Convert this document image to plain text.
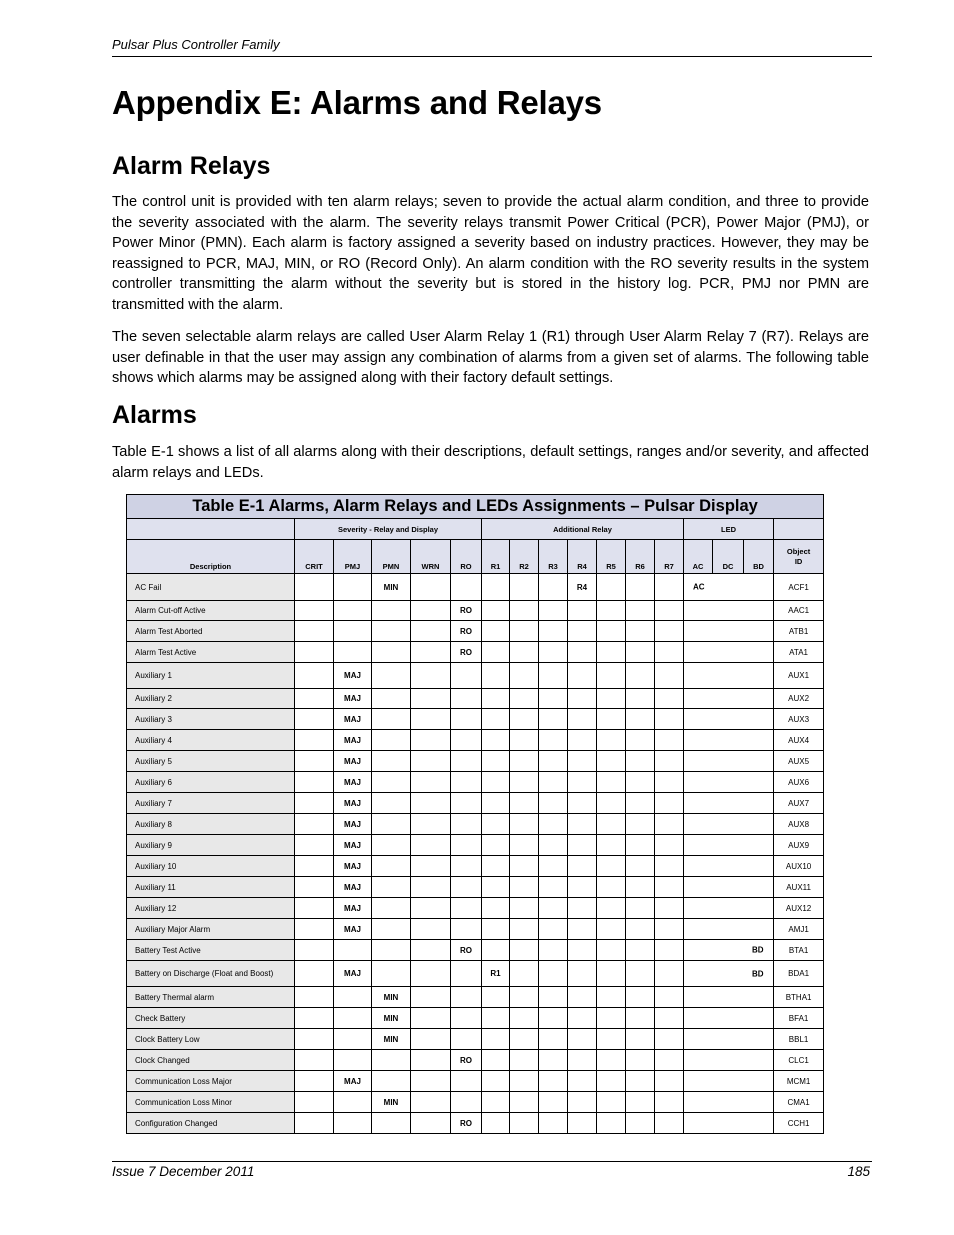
Pulsar Plus Controller Family
Appendix E: Alarms and Relays
Alarm Relays

The control unit is provided with ten alarm relays; seven to provide the actual alarm condition, and three to provide the severity associated with the alarm. The severity relays transmit Power Critical (PCR), Power Major (PMJ), or Power Minor (PMN). Each alarm is factory assigned a severity based on industry practices. However, they may be reassigned to PCR, MAJ, MIN, or RO (Record Only). An alarm condition with the RO severity results in the system controller transmitting the alarm without the severity but is stored in the history log. PCR, PMJ nor PMN are transmitted with the alarm.

The seven selectable alarm relays are called User Alarm Relay 1 (R1) through User Alarm Relay 7 (R7). Relays are user definable in that the user may assign any combination of alarms from a given set of alarms. The following table shows which alarms may be assigned along with their factory default settings.

Alarms

Table E-1 shows a list of all alarms along with their descriptions, default settings, ranges and/or severity, and affected alarm relays and LEDs.

Table E-1 Alarms, Alarm Relays and LEDs Assignments – Pulsar Display																
	Severity - Relay and Display					Additional Relay							LED			
Description	CRIT	PMJ	PMN	WRN	RO	R1	R2	R3	R4	R5	R6	R7	AC	DC	BD	Object
ID
AC Fail			MIN						R4				AC			ACF1
Alarm Cut-off Active					RO											AAC1
Alarm Test Aborted					RO											ATB1
Alarm Test Active					RO											ATA1
Auxiliary 1		MAJ														AUX1
Auxiliary 2		MAJ														AUX2
Auxiliary 3		MAJ														AUX3
Auxiliary 4		MAJ														AUX4
Auxiliary 5		MAJ														AUX5
Auxiliary 6		MAJ														AUX6
Auxiliary 7		MAJ														AUX7
Auxiliary 8		MAJ														AUX8
Auxiliary 9		MAJ														AUX9
Auxiliary 10		MAJ														AUX10
Auxiliary 11		MAJ														AUX11
Auxiliary 12		MAJ														AUX12
Auxiliary Major Alarm		MAJ														AMJ1
Battery Test Active					RO								BD			BTA1
Battery on Discharge (Float and Boost)		MAJ				R1							BD			BDA1
Battery Thermal alarm			MIN													BTHA1
Check Battery			MIN													BFA1
Clock Battery Low			MIN													BBL1
Clock Changed					RO											CLC1
Communication Loss Major		MAJ														MCM1
Communication Loss Minor			MIN													CMA1
Configuration Changed					RO											CCH1
Issue 7 December 2011	185
